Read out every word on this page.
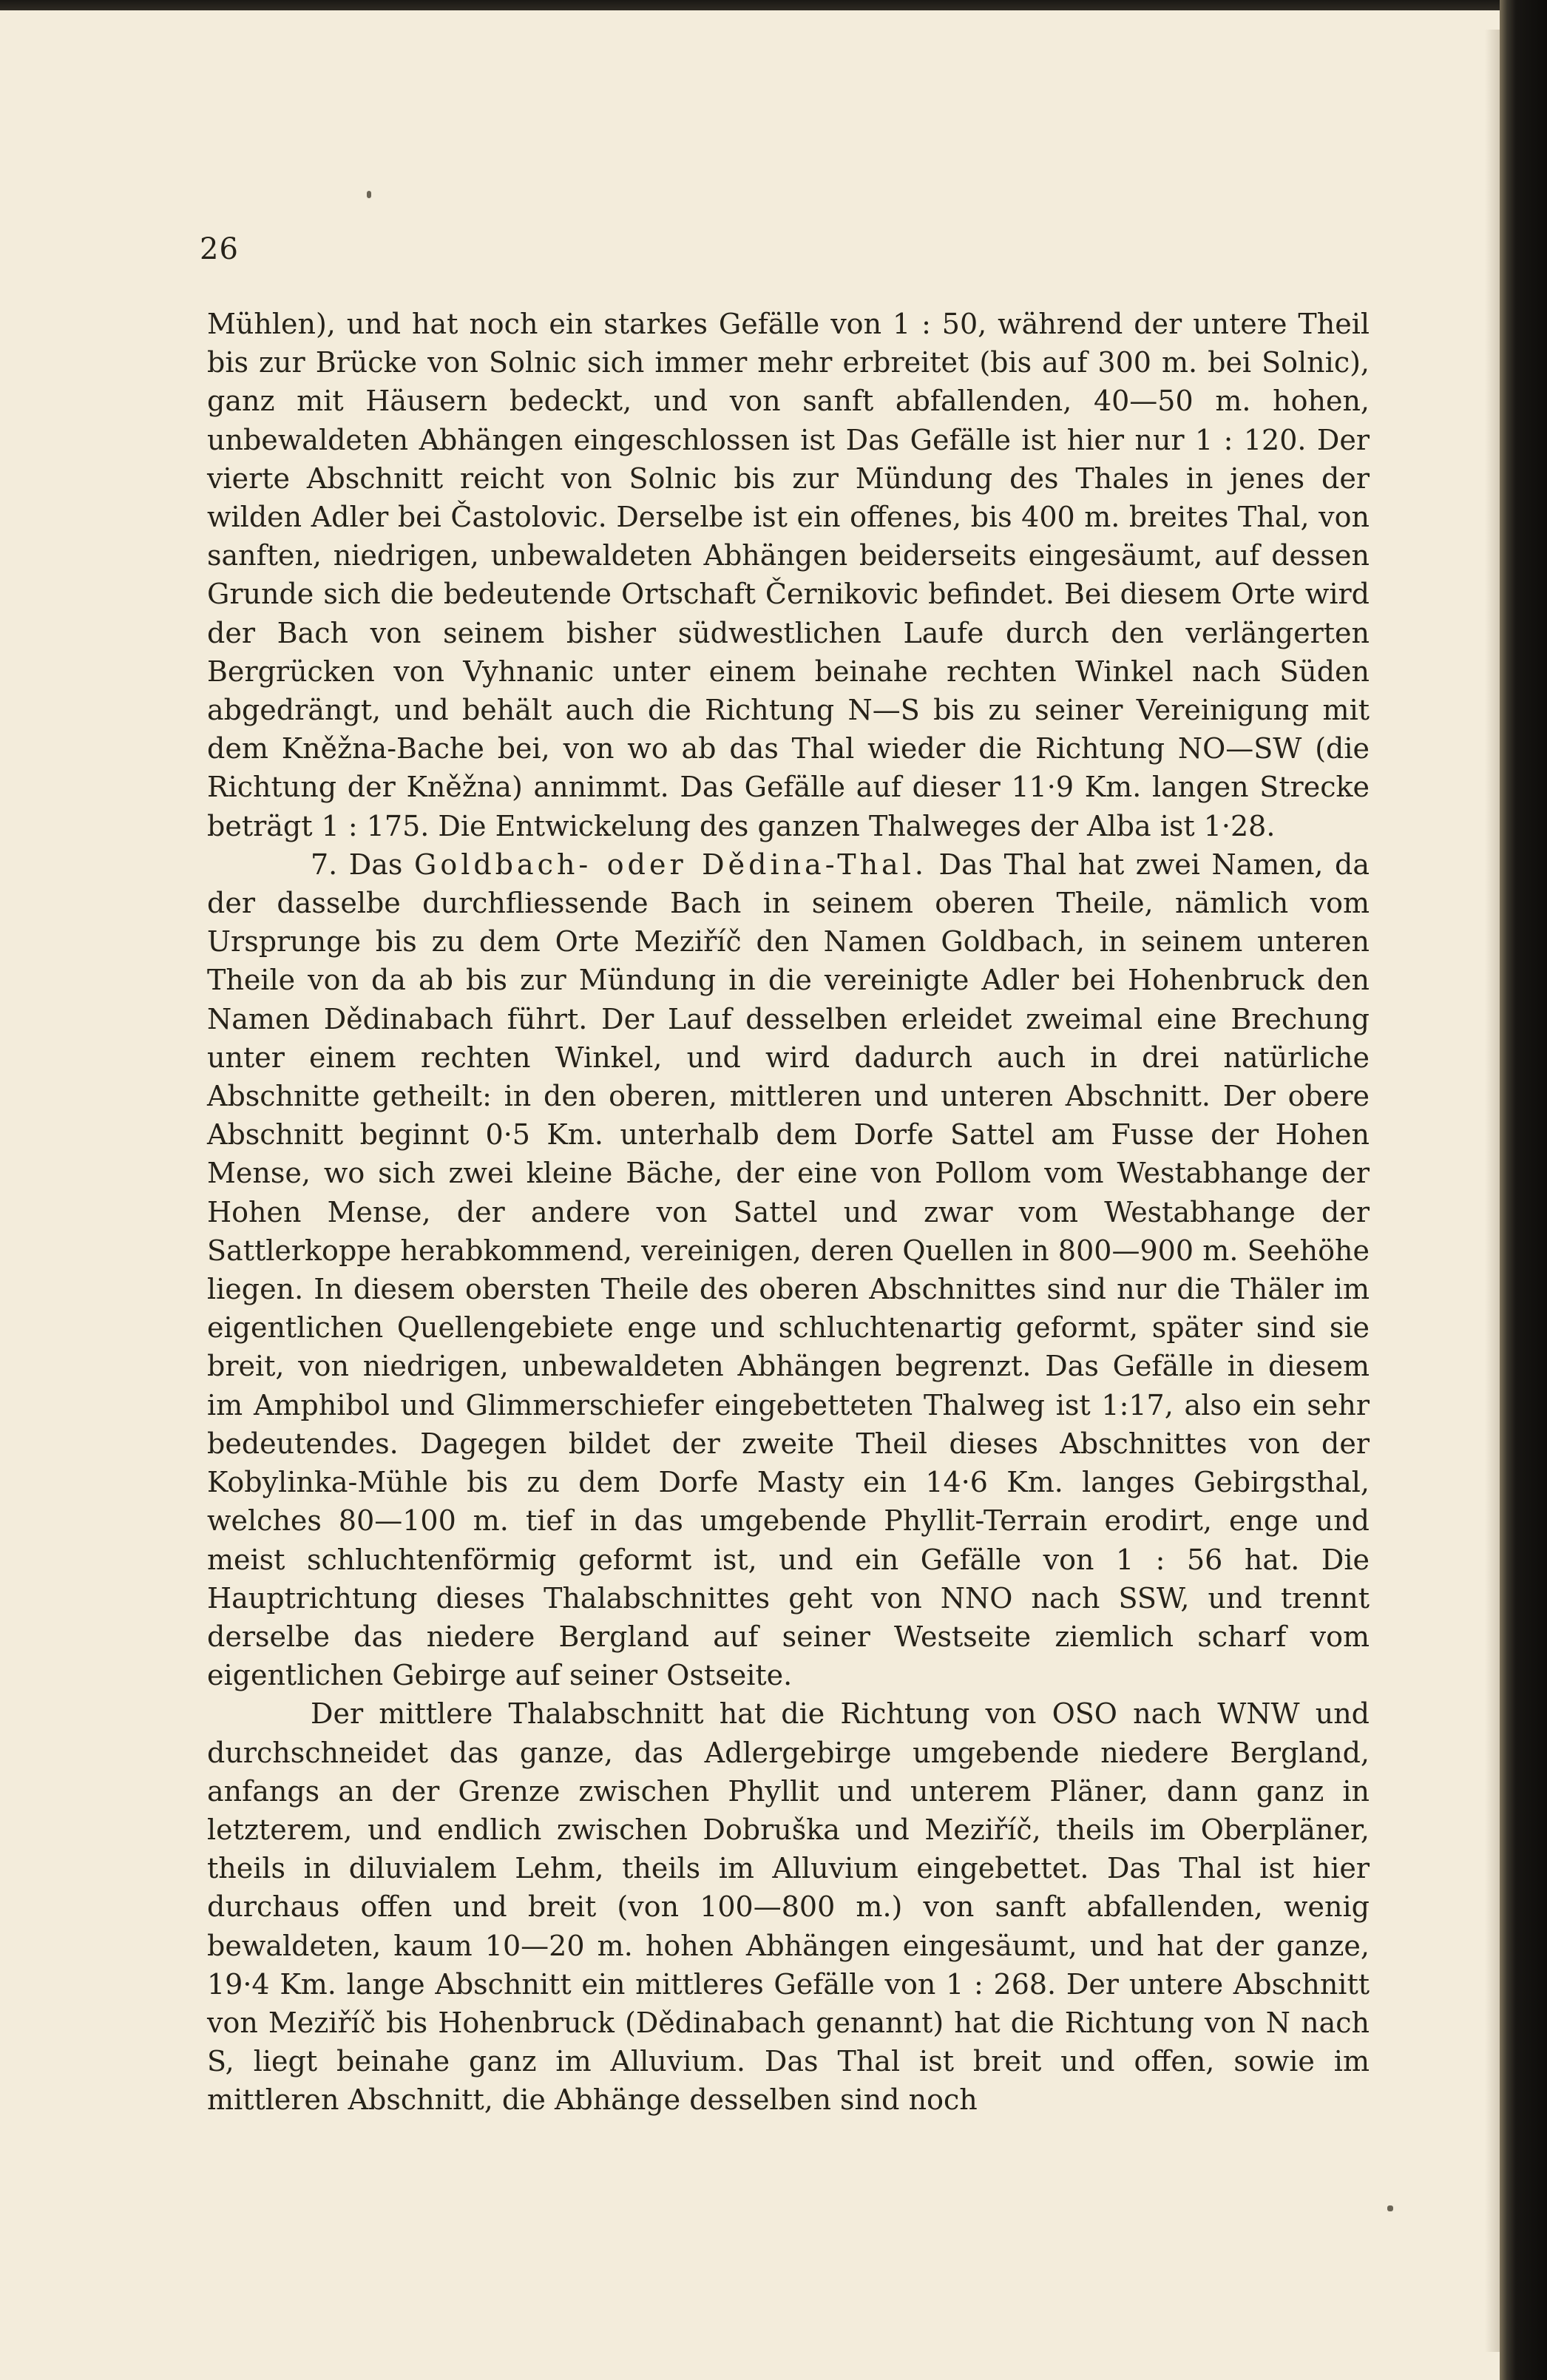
26

Mühlen), und hat noch ein starkes Gefälle von 1 : 50, während der untere Theil bis zur Brücke von Solnic sich immer mehr erbreitet (bis auf 300 m. bei Solnic), ganz mit Häusern bedeckt, und von sanft abfallenden, 40—50 m. hohen, unbewaldeten Abhängen eingeschlossen ist Das Gefälle ist hier nur 1 : 120. Der vierte Abschnitt reicht von Solnic bis zur Mündung des Thales in jenes der wilden Adler bei Častolovic. Derselbe ist ein offenes, bis 400 m. breites Thal, von sanften, niedrigen, unbewaldeten Abhängen beiderseits eingesäumt, auf dessen Grunde sich die bedeutende Ortschaft Černikovic befindet. Bei diesem Orte wird der Bach von seinem bisher südwestlichen Laufe durch den verlängerten Bergrücken von Vyhnanic unter einem beinahe rechten Winkel nach Süden abgedrängt, und behält auch die Richtung N—S bis zu seiner Vereinigung mit dem Kněžna-Bache bei, von wo ab das Thal wieder die Richtung NO—SW (die Richtung der Kněžna) annimmt. Das Gefälle auf dieser 11·9 Km. langen Strecke beträgt 1 : 175. Die Entwickelung des ganzen Thalweges der Alba ist 1·28.

7. Das Goldbach- oder Dědina-Thal. Das Thal hat zwei Namen, da der dasselbe durchfliessende Bach in seinem oberen Theile, nämlich vom Ursprunge bis zu dem Orte Meziříč den Namen Goldbach, in seinem unteren Theile von da ab bis zur Mündung in die vereinigte Adler bei Hohenbruck den Namen Dědinabach führt. Der Lauf desselben erleidet zweimal eine Brechung unter einem rechten Winkel, und wird dadurch auch in drei natürliche Abschnitte getheilt: in den oberen, mittleren und unteren Abschnitt. Der obere Abschnitt beginnt 0·5 Km. unterhalb dem Dorfe Sattel am Fusse der Hohen Mense, wo sich zwei kleine Bäche, der eine von Pollom vom Westabhange der Hohen Mense, der andere von Sattel und zwar vom Westabhange der Sattlerkoppe herabkommend, vereinigen, deren Quellen in 800—900 m. Seehöhe liegen. In diesem obersten Theile des oberen Abschnittes sind nur die Thäler im eigentlichen Quellengebiete enge und schluchtenartig geformt, später sind sie breit, von niedrigen, unbewaldeten Abhängen begrenzt. Das Gefälle in diesem im Amphibol und Glimmerschiefer eingebetteten Thalweg ist 1:17, also ein sehr bedeutendes. Dagegen bildet der zweite Theil dieses Abschnittes von der Kobylinka-Mühle bis zu dem Dorfe Masty ein 14·6 Km. langes Gebirgsthal, welches 80—100 m. tief in das umgebende Phyllit-Terrain erodirt, enge und meist schluchtenförmig geformt ist, und ein Gefälle von 1 : 56 hat. Die Hauptrichtung dieses Thalabschnittes geht von NNO nach SSW, und trennt derselbe das niedere Bergland auf seiner Westseite ziemlich scharf vom eigentlichen Gebirge auf seiner Ostseite.

Der mittlere Thalabschnitt hat die Richtung von OSO nach WNW und durchschneidet das ganze, das Adlergebirge umgebende niedere Bergland, anfangs an der Grenze zwischen Phyllit und unterem Pläner, dann ganz in letzterem, und endlich zwischen Dobruška und Meziříč, theils im Oberpläner, theils in diluvialem Lehm, theils im Alluvium eingebettet. Das Thal ist hier durchaus offen und breit (von 100—800 m.) von sanft abfallenden, wenig bewaldeten, kaum 10—20 m. hohen Abhängen eingesäumt, und hat der ganze, 19·4 Km. lange Abschnitt ein mittleres Gefälle von 1 : 268. Der untere Abschnitt von Meziříč bis Hohenbruck (Dědinabach genannt) hat die Richtung von N nach S, liegt beinahe ganz im Alluvium. Das Thal ist breit und offen, sowie im mittleren Abschnitt, die Abhänge desselben sind noch
